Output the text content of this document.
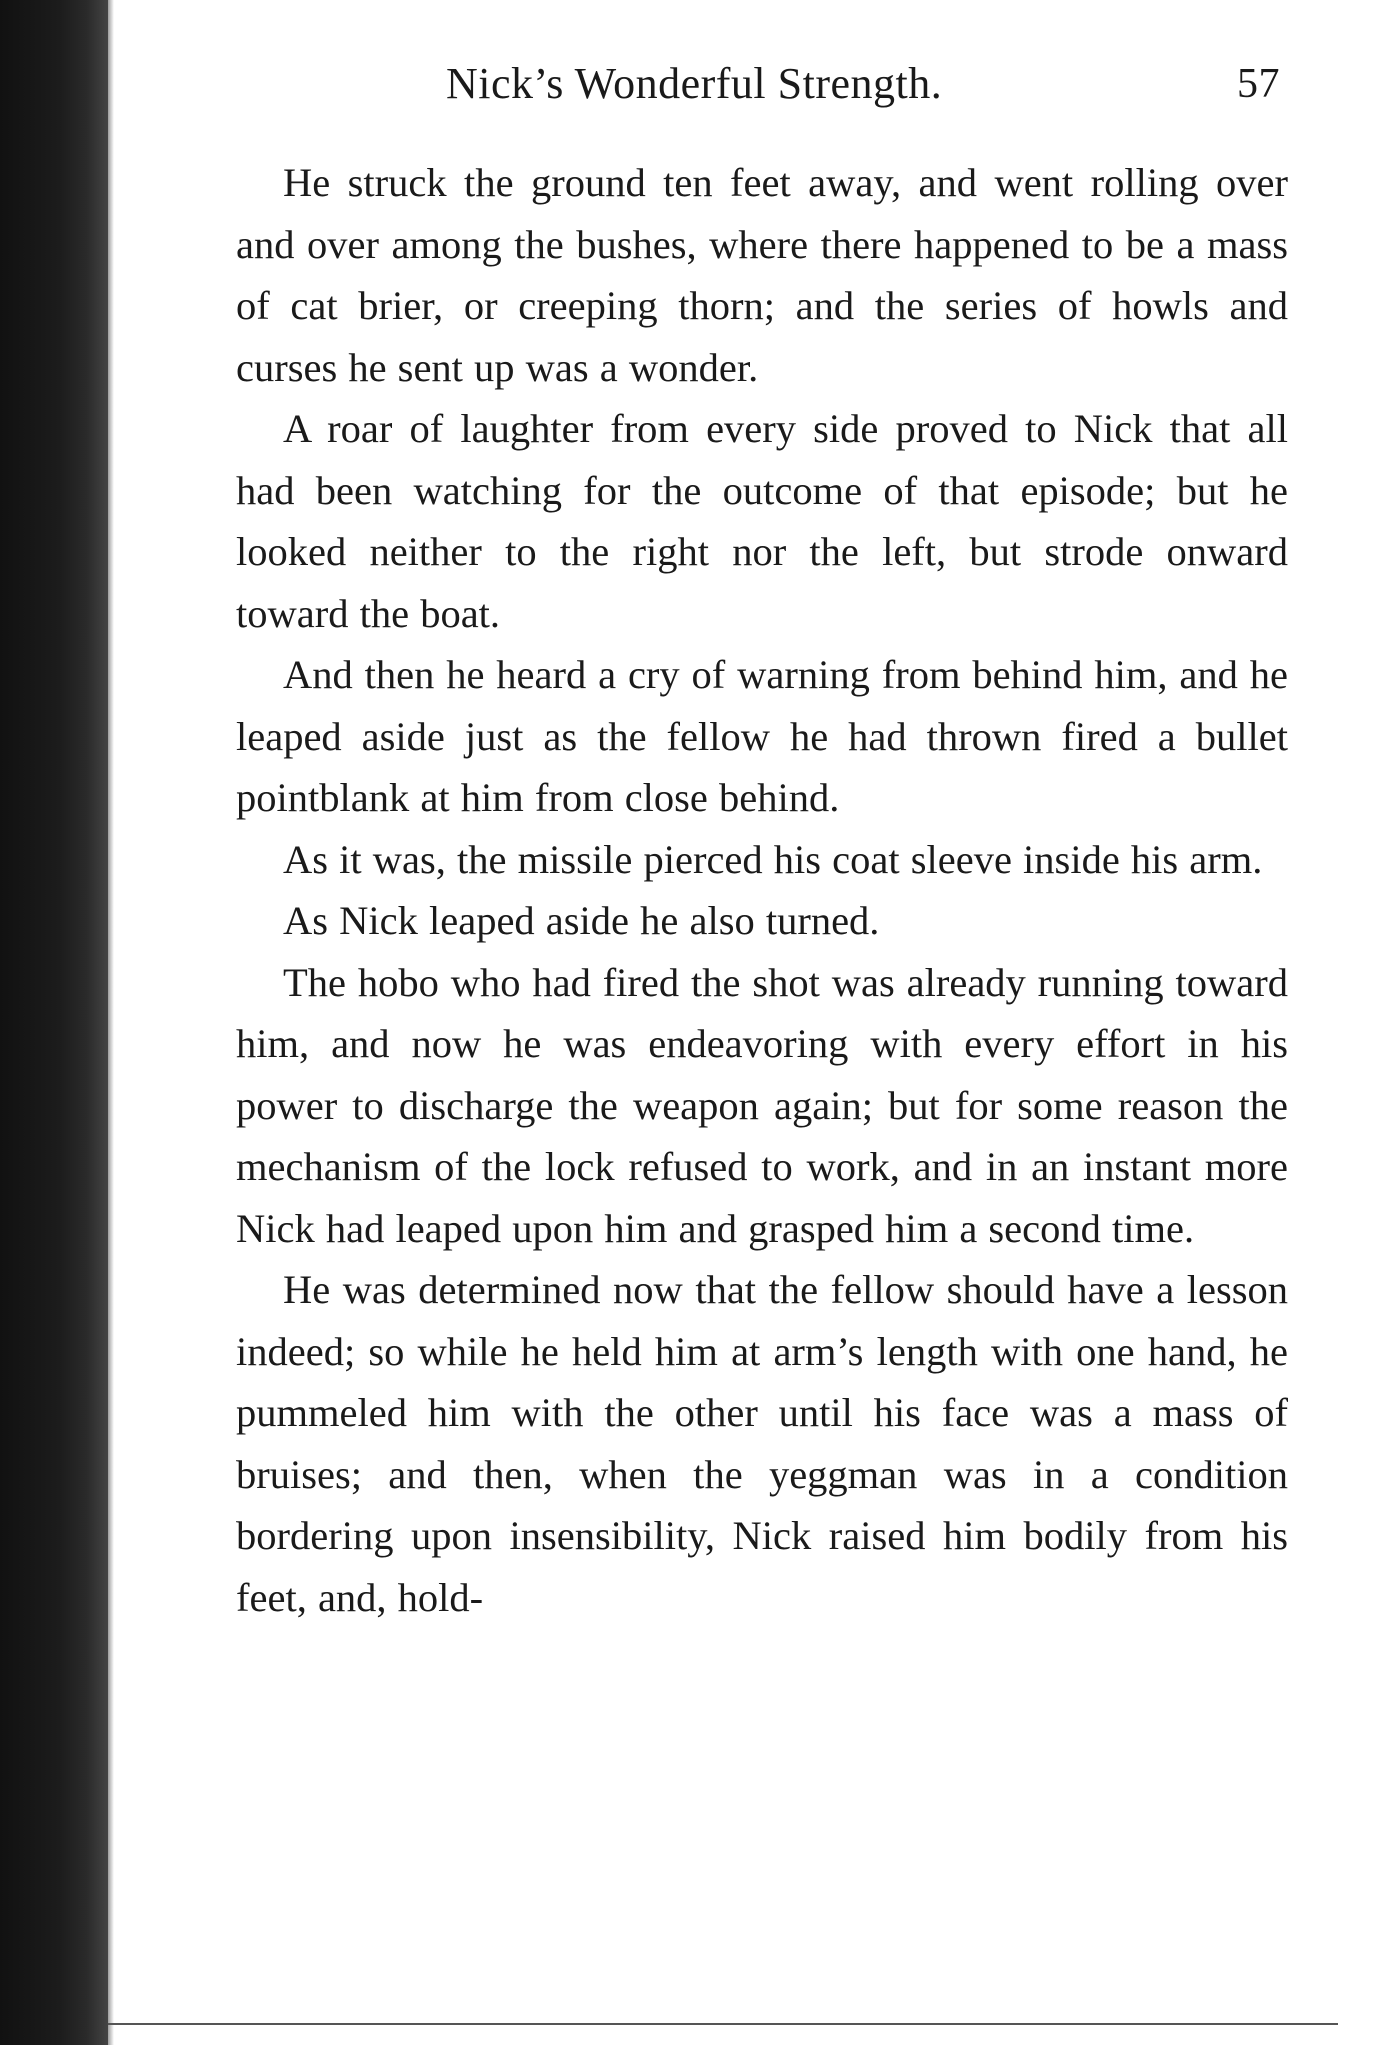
Nick’s Wonderful Strength.	57

He struck the ground ten feet away, and went rolling over and over among the bushes, where there happened to be a mass of cat brier, or creeping thorn; and the series of howls and curses he sent up was a wonder.

A roar of laughter from every side proved to Nick that all had been watching for the outcome of that episode; but he looked neither to the right nor the left, but strode onward toward the boat.

And then he heard a cry of warning from behind him, and he leaped aside just as the fellow he had thrown fired a bullet pointblank at him from close behind.

As it was, the missile pierced his coat sleeve inside his arm.

As Nick leaped aside he also turned.

The hobo who had fired the shot was already running toward him, and now he was endeavoring with every effort in his power to discharge the weapon again; but for some reason the mechanism of the lock refused to work, and in an instant more Nick had leaped upon him and grasped him a second time.

He was determined now that the fellow should have a lesson indeed; so while he held him at arm’s length with one hand, he pummeled him with the other until his face was a mass of bruises; and then, when the yeggman was in a condition bordering upon insensibility, Nick raised him bodily from his feet, and, hold-
